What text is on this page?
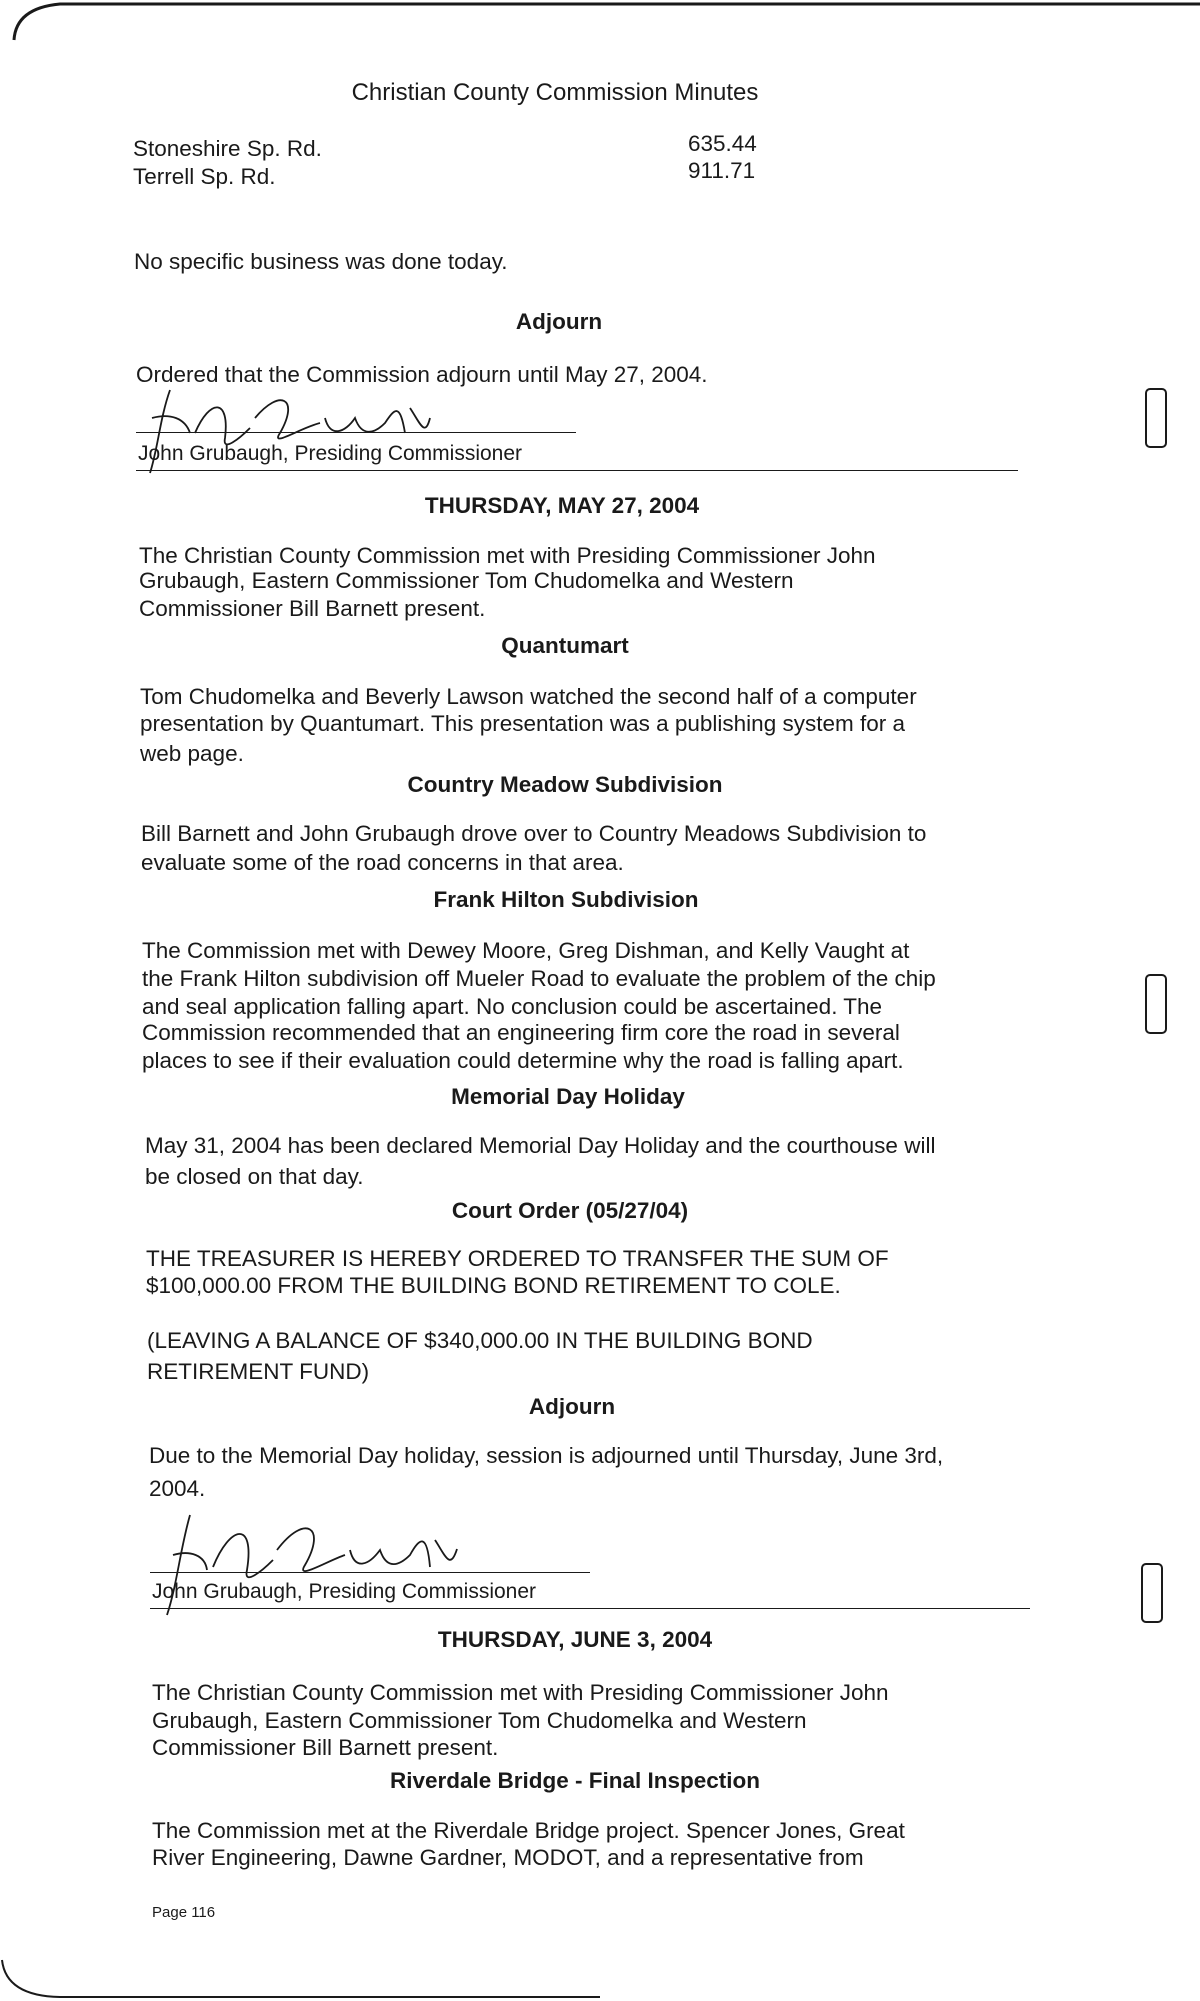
Christian County Commission Minutes
Stoneshire Sp. Rd.	635.44
Terrell Sp. Rd.	911.71
No specific business was done today.
Adjourn
Ordered that the Commission adjourn until May 27, 2004.
John Grubaugh, Presiding Commissioner
THURSDAY, MAY 27, 2004
The Christian County Commission met with Presiding Commissioner John
Grubaugh, Eastern Commissioner Tom Chudomelka and Western
Commissioner Bill Barnett present.
Quantumart
Tom Chudomelka and Beverly Lawson watched the second half of a computer
presentation by Quantumart. This presentation was a publishing system for a
web page.
Country Meadow Subdivision
Bill Barnett and John Grubaugh drove over to Country Meadows Subdivision to
evaluate some of the road concerns in that area.
Frank Hilton Subdivision
The Commission met with Dewey Moore, Greg Dishman, and Kelly Vaught at
the Frank Hilton subdivision off Mueler Road to evaluate the problem of the chip
and seal application falling apart. No conclusion could be ascertained. The
Commission recommended that an engineering firm core the road in several
places to see if their evaluation could determine why the road is falling apart.
Memorial Day Holiday
May 31, 2004 has been declared Memorial Day Holiday and the courthouse will
be closed on that day.
Court Order (05/27/04)
THE TREASURER IS HEREBY ORDERED TO TRANSFER THE SUM OF
$100,000.00 FROM THE BUILDING BOND RETIREMENT TO COLE.
(LEAVING A BALANCE OF $340,000.00 IN THE BUILDING BOND
RETIREMENT FUND)
Adjourn
Due to the Memorial Day holiday, session is adjourned until Thursday, June 3rd,
2004.
John Grubaugh, Presiding Commissioner
THURSDAY, JUNE 3, 2004
The Christian County Commission met with Presiding Commissioner John
Grubaugh, Eastern Commissioner Tom Chudomelka and Western
Commissioner Bill Barnett present.
Riverdale Bridge - Final Inspection
The Commission met at the Riverdale Bridge project. Spencer Jones, Great
River Engineering, Dawne Gardner, MODOT, and a representative from
Page 116
